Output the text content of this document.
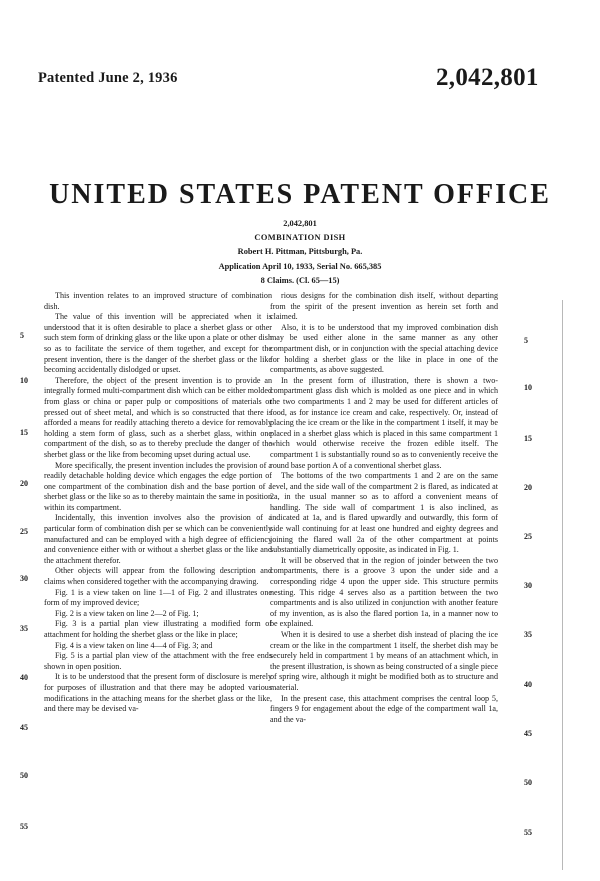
Patented June 2, 1936	2,042,801
UNITED STATES PATENT OFFICE
2,042,801
COMBINATION DISH
Robert H. Pittman, Pittsburgh, Pa.
Application April 10, 1933, Serial No. 665,385
8 Claims. (Cl. 65—15)

This invention relates to an improved structure of combination dish.

The value of this invention will be appreciated when it is understood that it is often desirable to place a sherbet glass or other such stem form of drinking glass or the like upon a plate or other dish so as to facilitate the service of them together, and except for the present invention, there is the danger of the sherbet glass or the like becoming accidentally dislodged or upset.

Therefore, the object of the present invention is to provide an integrally formed multi-compartment dish which can be either molded from glass or china or paper pulp or compositions of materials or pressed out of sheet metal, and which is so constructed that there is afforded a means for readily attaching thereto a device for removably holding a stem form of glass, such as a sherbet glass, within one compartment of the dish, so as to thereby preclude the danger of the sherbet glass or the like from becoming upset during actual use.

More specifically, the present invention includes the provision of a readily detachable holding device which engages the edge portion of one compartment of the combination dish and the base portion of a sherbet glass or the like so as to thereby maintain the same in position within its compartment.

Incidentally, this invention involves also the provision of a particular form of combination dish per se which can be conveniently manufactured and can be employed with a high degree of efficiency and convenience either with or without a sherbet glass or the like and the attachment therefor.

Other objects will appear from the following description and claims when considered together with the accompanying drawing.

Fig. 1 is a view taken on line 1—1 of Fig. 2 and illustrates one form of my improved device;

Fig. 2 is a view taken on line 2—2 of Fig. 1;

Fig. 3 is a partial plan view illustrating a modified form of attachment for holding the sherbet glass or the like in place;

Fig. 4 is a view taken on line 4—4 of Fig. 3; and

Fig. 5 is a partial plan view of the attachment with the free ends shown in open position.

It is to be understood that the present form of disclosure is merely for purposes of illustration and that there may be adopted various modifications in the attaching means for the sherbet glass or the like, and there may be devised va-

rious designs for the combination dish itself, without departing from the spirit of the present invention as herein set forth and claimed.

Also, it is to be understood that my improved combination dish may be used either alone in the same manner as any other compartment dish, or in conjunction with the special attaching device for holding a sherbet glass or the like in place in one of the compartments, as above suggested.

In the present form of illustration, there is shown a two-compartment glass dish which is molded as one piece and in which the two compartments 1 and 2 may be used for different articles of food, as for instance ice cream and cake, respectively. Or, instead of placing the ice cream or the like in the compartment 1 itself, it may be placed in a sherbet glass which is placed in this same compartment 1 which would otherwise receive the frozen edible itself. The compartment 1 is substantially round so as to conveniently receive the round base portion A of a conventional sherbet glass.

The bottoms of the two compartments 1 and 2 are on the same level, and the side wall of the compartment 2 is flared, as indicated at 2a, in the usual manner so as to afford a convenient means of handling. The side wall of compartment 1 is also inclined, as indicated at 1a, and is flared upwardly and outwardly, this form of side wall continuing for at least one hundred and eighty degrees and joining the flared wall 2a of the other compartment at points substantially diametrically opposite, as indicated in Fig. 1.

It will be observed that in the region of joinder between the two compartments, there is a groove 3 upon the under side and a corresponding ridge 4 upon the upper side. This structure permits nesting. This ridge 4 serves also as a partition between the two compartments and is also utilized in conjunction with another feature of my invention, as is also the flared portion 1a, in a manner now to be explained.

When it is desired to use a sherbet dish instead of placing the ice cream or the like in the compartment 1 itself, the sherbet dish may be securely held in compartment 1 by means of an attachment which, in the present illustration, is shown as being constructed of a single piece of spring wire, although it might be modified both as to structure and material.

In the present case, this attachment comprises the central loop 5, fingers 9 for engagement about the edge of the compartment wall 1a, and the va-

5
10
15
20
25
30
35
40
45
50
55
5
10
15
20
25
30
35
40
45
50
55
